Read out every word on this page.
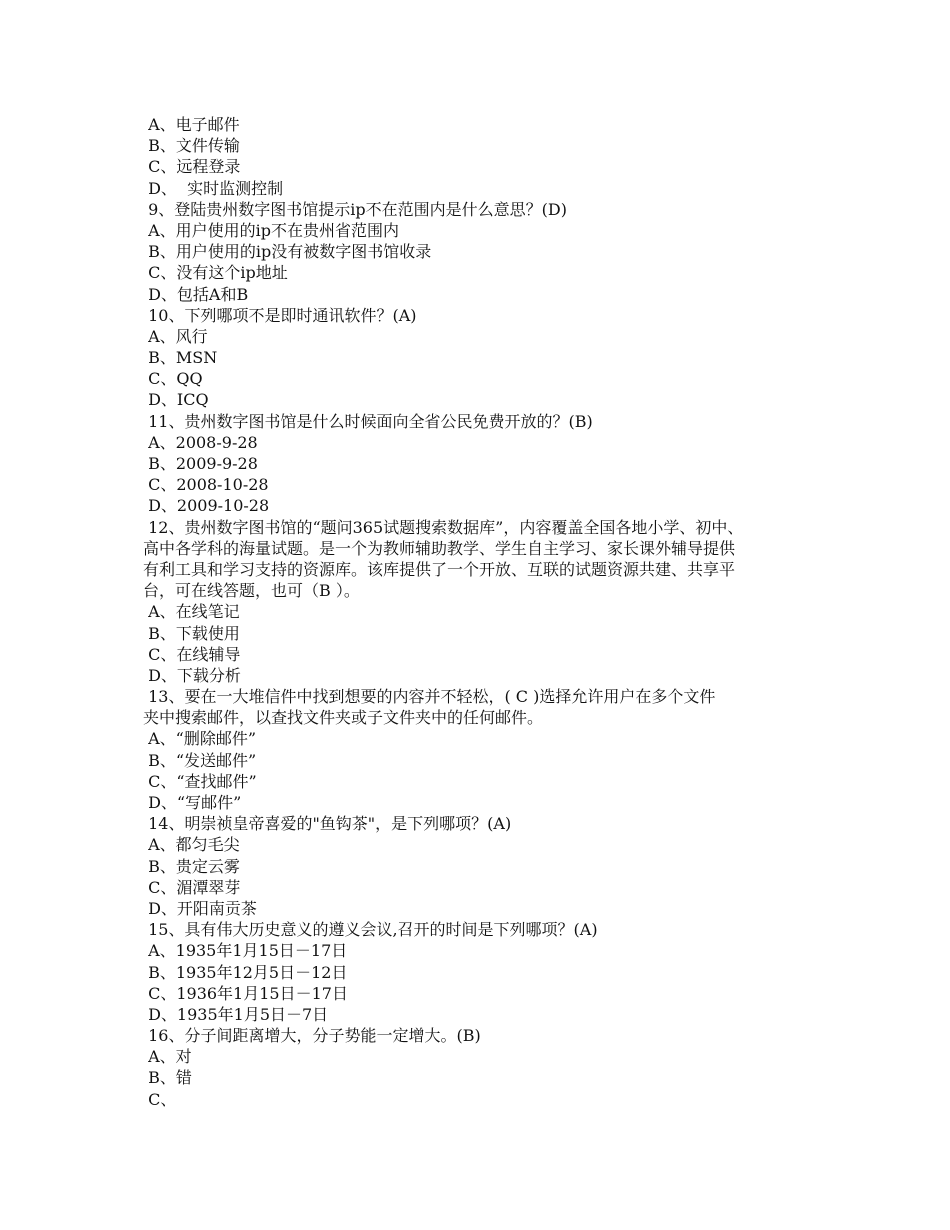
A、电子邮件
B、文件传输
C、远程登录
D、  实时监测控制
9、登陆贵州数字图书馆提示ip不在范围内是什么意思？(D)
A、用户使用的ip不在贵州省范围内
B、用户使用的ip没有被数字图书馆收录
C、没有这个ip地址
D、包括A和B
10、下列哪项不是即时通讯软件？(A)
A、风行
B、MSN
C、QQ
D、ICQ
11、贵州数字图书馆是什么时候面向全省公民免费开放的？(B)
A、2008-9-28
B、2009-9-28
C、2008-10-28
D、2009-10-28
12、贵州数字图书馆的“题问365试题搜索数据库”，内容覆盖全国各地小学、初中、
高中各学科的海量试题。是一个为教师辅助教学、学生自主学习、家长课外辅导提供
有利工具和学习支持的资源库。该库提供了一个开放、互联的试题资源共建、共享平
台，可在线答题，也可（B ）。
A、在线笔记
B、下载使用
C、在线辅导
D、下载分析
13、要在一大堆信件中找到想要的内容并不轻松，( C )选择允许用户在多个文件
夹中搜索邮件，以查找文件夹或子文件夹中的任何邮件。
A、“删除邮件”
B、“发送邮件”
C、“查找邮件”
D、“写邮件”
14、明崇祯皇帝喜爱的"鱼钩茶"，是下列哪项？(A)
A、都匀毛尖
B、贵定云雾
C、湄潭翠芽
D、开阳南贡茶
15、具有伟大历史意义的遵义会议,召开的时间是下列哪项？(A)
A、1935年1月15日－17日
B、1935年12月5日－12日
C、1936年1月15日－17日
D、1935年1月5日－7日
16、分子间距离增大，分子势能一定增大。(B)
A、对
B、错
C、
